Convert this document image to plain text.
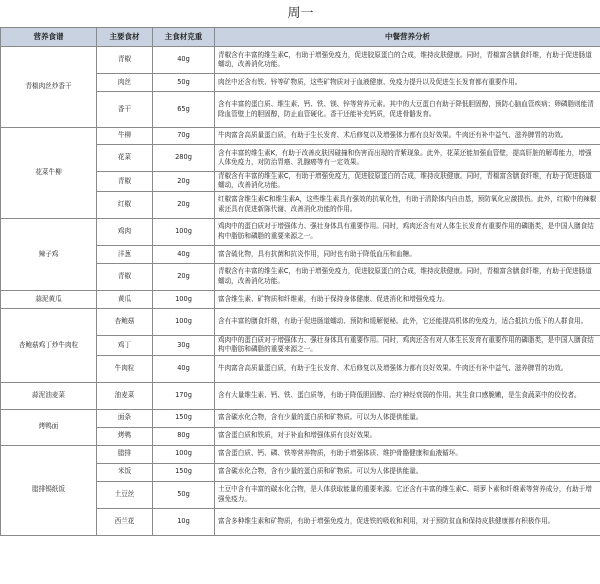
周一			
营养食谱	主要食材	主食材克重	中餐营养分析
青椒肉丝炒香干	青椒	40g	青椒含有丰富的维生素C，有助于增强免疫力，促进胶原蛋白的合成，维持皮肤健康。同时，青椒富含膳食纤维，有助于促进肠道蠕动，改善消化功能。
	肉丝	50g	肉丝中还含有铁、锌等矿物质，这些矿物质对于血液健康、免疫力提升以及促进生长发育都有重要作用。
	香干	65g	含有丰富的蛋白质、维生素、钙、铁、镁、锌等营养元素。其中的大豆蛋白有助于降低胆固醇，预防心脑血管疾病；卵磷脂则能清除血管壁上的胆固醇，防止血管硬化。香干还能补充钙质，促进骨骼发育。
花菜牛柳	牛柳	70g	牛肉富含高质量蛋白质，有助于生长发育、术后修复以及增强体力都有良好效果。牛肉还有补中益气、滋养脾胃的功效。
	花菜	280g	含有丰富的维生素K，有助于改善皮肤因碰撞和伤害而出现的青紫现象。此外，花菜还能加强血管壁，提高肝脏的解毒能力，增强人体免疫力，对防治胃癌、乳腺癌等有一定效果。
	青椒	20g	青椒含有丰富的维生素C，有助于增强免疫力，促进胶原蛋白的合成，维持皮肤健康。同时，青椒富含膳食纤维，有助于促进肠道蠕动，改善消化功能。
	红椒	20g	红椒富含维生素C和维生素A，这些维生素具有强效的抗氧化性，有助于清除体内自由基，预防氧化应激损伤。此外，红椒中的辣椒素还具有促进新陈代谢、改善消化功能的作用。
辣子鸡	鸡肉	100g	鸡肉中的蛋白质对于增强体力、强壮身体具有重要作用。同时，鸡肉还含有对人体生长发育有重要作用的磷脂类，是中国人膳食结构中脂肪和磷脂的重要来源之一。
	洋葱	40g	富含硫化物，具有抗菌和抗炎作用，同时也有助于降低血压和血糖。
	青椒	20g	青椒含有丰富的维生素C，有助于增强免疫力，促进胶原蛋白的合成，维持皮肤健康。同时，青椒富含膳食纤维，有助于促进肠道蠕动，改善消化功能。
蒜泥黄瓜	黄瓜	100g	富含维生素、矿物质和纤维素，有助于保持身体健康、促进消化和增强免疫力。
杏鲍菇鸡丁炒牛肉粒	杏鲍菇	100g	含有丰富的膳食纤维，有助于促进肠道蠕动、预防和缓解便秘。此外，它还能提高机体的免疫力，适合抵抗力低下的人群食用。
	鸡丁	30g	鸡肉中的蛋白质对于增强体力、强壮身体具有重要作用。同时，鸡肉还含有对人体生长发育有重要作用的磷脂类，是中国人膳食结构中脂肪和磷脂的重要来源之一。
	牛肉粒	40g	牛肉富含高质量蛋白质，有助于生长发育、术后修复以及增强体力都有良好效果。牛肉还有补中益气、滋养脾胃的功效。
蒜泥油麦菜	油麦菜	170g	含有大量维生素、钙、铁、蛋白质等，有助于降低胆固醇、治疗神经衰弱的作用。其生食口感脆嫩，是生食蔬菜中的佼佼者。
烤鸭面	面条	150g	富含碳水化合物，含有少量的蛋白质和矿物质。可以为人体提供能量。
	烤鸭	80g	富含蛋白质和铁质，对于补血和增强体质有良好效果。
腊排锡纸饭	腊排	100g	富含蛋白质、钙、磷、铁等营养物质，有助于增强体质、维护骨骼健康和血液循环。
	米饭	150g	富含碳水化合物，含有少量的蛋白质和矿物质。可以为人体提供能量。
	土豆丝	50g	土豆中含有丰富的碳水化合物，是人体获取能量的重要来源。它还含有丰富的维生素C、胡萝卜素和纤维素等营养成分，有助于增强免疫力。
	西兰花	10g	富含多种维生素和矿物质，有助于增强免疫力，促进铁的吸收和利用，对于预防贫血和保持皮肤健康都有积极作用。
